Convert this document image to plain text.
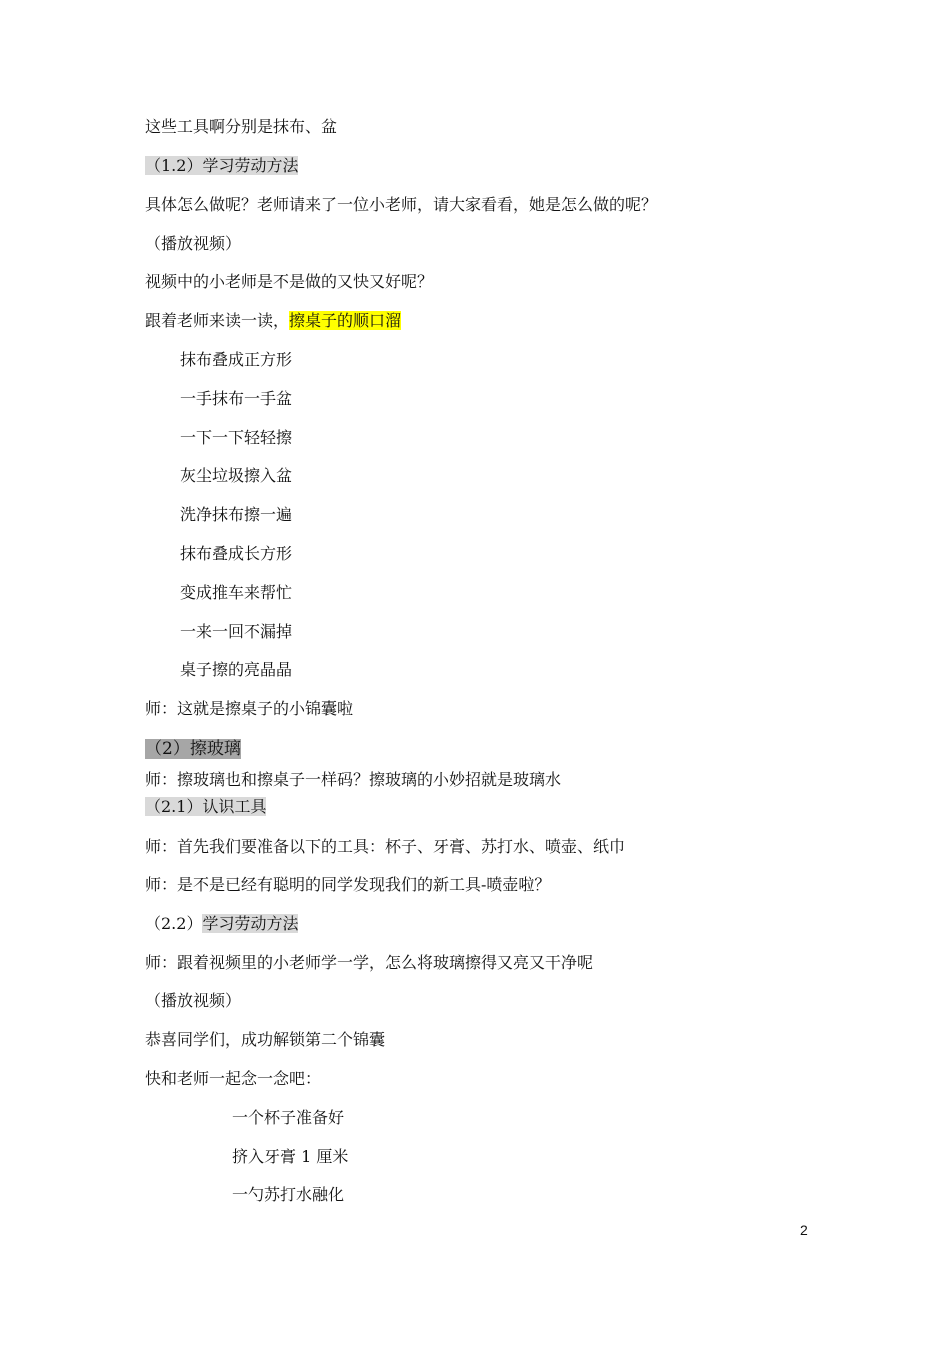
这些工具啊分别是抹布、盆
（1.2）学习劳动方法
具体怎么做呢？老师请来了一位小老师，请大家看看，她是怎么做的呢？
（播放视频）
视频中的小老师是不是做的又快又好呢？
跟着老师来读一读，擦桌子的顺口溜
抹布叠成正方形
一手抹布一手盆
一下一下轻轻擦
灰尘垃圾擦入盆
洗净抹布擦一遍
抹布叠成长方形
变成推车来帮忙
一来一回不漏掉
桌子擦的亮晶晶
师：这就是擦桌子的小锦囊啦
（2）擦玻璃
师：擦玻璃也和擦桌子一样码？擦玻璃的小妙招就是玻璃水
（2.1）认识工具
师：首先我们要准备以下的工具：杯子、牙膏、苏打水、喷壶、纸巾
师：是不是已经有聪明的同学发现我们的新工具-喷壶啦？
（2.2）学习劳动方法
师：跟着视频里的小老师学一学，怎么将玻璃擦得又亮又干净呢
（播放视频）
恭喜同学们，成功解锁第二个锦囊
快和老师一起念一念吧：
一个杯子准备好
挤入牙膏 1 厘米
一勺苏打水融化
2
